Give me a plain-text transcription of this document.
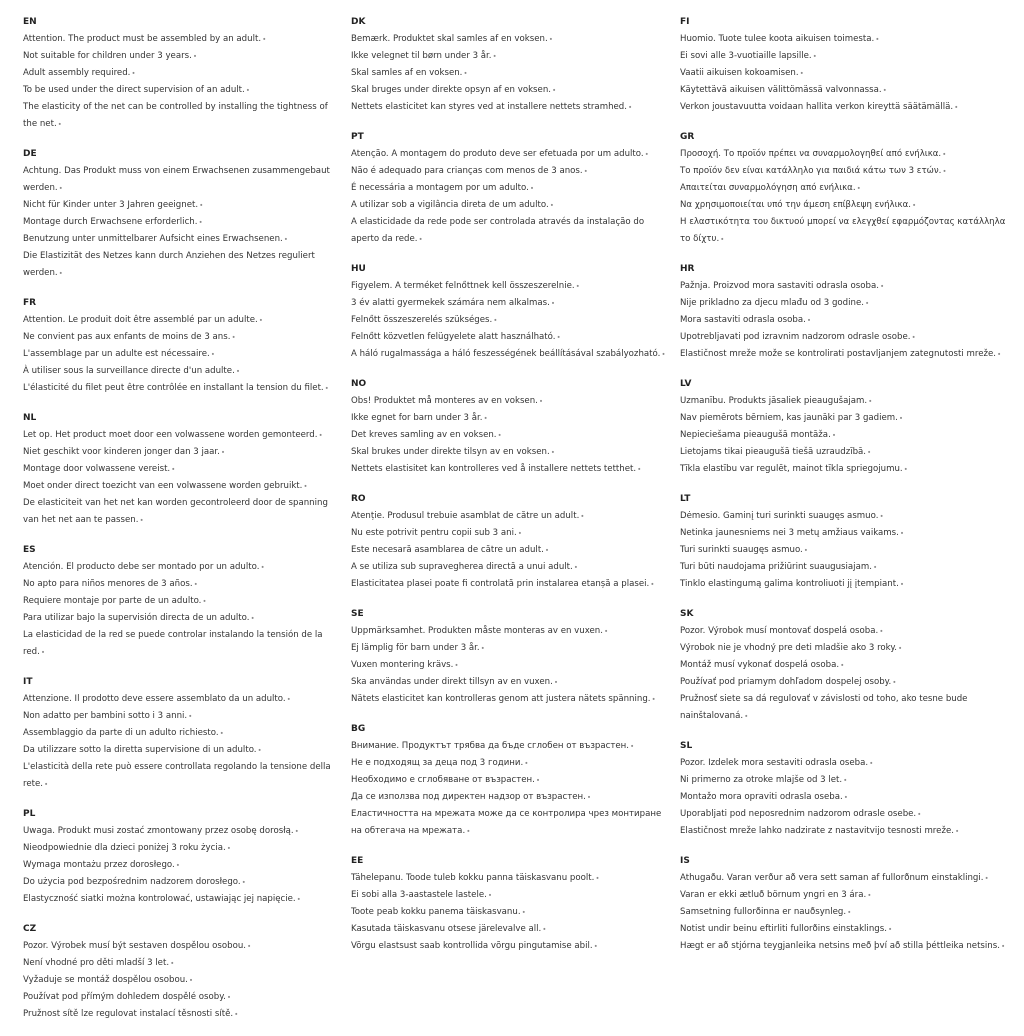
EN
Attention. The product must be assembled by an adult. ∙
Not suitable for children under 3 years. ∙
Adult assembly required. ∙
To be used under the direct supervision of an adult. ∙
The elasticity of the net can be controlled by installing the tightness of the net. ∙
DE
Achtung. Das Produkt muss von einem Erwachsenen zusammengebaut werden. ∙
Nicht für Kinder unter 3 Jahren geeignet. ∙
Montage durch Erwachsene erforderlich. ∙
Benutzung unter unmittelbarer Aufsicht eines Erwachsenen. ∙
Die Elastizität des Netzes kann durch Anziehen des Netzes reguliert werden. ∙
FR
Attention. Le produit doit être assemblé par un adulte. ∙
Ne convient pas aux enfants de moins de 3 ans. ∙
L'assemblage par un adulte est nécessaire. ∙
À utiliser sous la surveillance directe d'un adulte. ∙
L'élasticité du filet peut être contrôlée en installant la tension du filet. ∙
NL
Let op. Het product moet door een volwassene worden gemonteerd. ∙
Niet geschikt voor kinderen jonger dan 3 jaar. ∙
Montage door volwassene vereist. ∙
Moet onder direct toezicht van een volwassene worden gebruikt. ∙
De elasticiteit van het net kan worden gecontroleerd door de spanning van het net aan te passen. ∙
ES
Atención. El producto debe ser montado por un adulto. ∙
No apto para niños menores de 3 años. ∙
Requiere montaje por parte de un adulto. ∙
Para utilizar bajo la supervisión directa de un adulto. ∙
La elasticidad de la red se puede controlar instalando la tensión de la red. ∙
IT
Attenzione. Il prodotto deve essere assemblato da un adulto. ∙
Non adatto per bambini sotto i 3 anni. ∙
Assemblaggio da parte di un adulto richiesto. ∙
Da utilizzare sotto la diretta supervisione di un adulto. ∙
L'elasticità della rete può essere controllata regolando la tensione della rete. ∙
PL
Uwaga. Produkt musi zostać zmontowany przez osobę dorosłą. ∙
Nieodpowiednie dla dzieci poniżej 3 roku życia. ∙
Wymaga montażu przez dorosłego. ∙
Do użycia pod bezpośrednim nadzorem dorosłego. ∙
Elastyczność siatki można kontrolować, ustawiając jej napięcie. ∙
CZ
Pozor. Výrobek musí být sestaven dospělou osobou. ∙
Není vhodné pro děti mladší 3 let. ∙
Vyžaduje se montáž dospělou osobou. ∙
Používat pod přímým dohledem dospělé osoby. ∙
Pružnost sítě lze regulovat instalací těsnosti sítě. ∙
DK
Bemærk. Produktet skal samles af en voksen. ∙
Ikke velegnet til børn under 3 år. ∙
Skal samles af en voksen. ∙
Skal bruges under direkte opsyn af en voksen. ∙
Nettets elasticitet kan styres ved at installere nettets stramhed. ∙
PT
Atenção. A montagem do produto deve ser efetuada por um adulto. ∙
Não é adequado para crianças com menos de 3 anos. ∙
É necessária a montagem por um adulto. ∙
A utilizar sob a vigilância direta de um adulto. ∙
A elasticidade da rede pode ser controlada através da instalação do aperto da rede. ∙
HU
Figyelem. A terméket felnőttnek kell összeszerelnie. ∙
3 év alatti gyermekek számára nem alkalmas. ∙
Felnőtt összeszerelés szükséges. ∙
Felnőtt közvetlen felügyelete alatt használható. ∙
A háló rugalmassága a háló feszességének beállításával szabályozható. ∙
NO
Obs! Produktet må monteres av en voksen. ∙
Ikke egnet for barn under 3 år. ∙
Det kreves samling av en voksen. ∙
Skal brukes under direkte tilsyn av en voksen. ∙
Nettets elastisitet kan kontrolleres ved å installere nettets tetthet. ∙
RO
Atenție. Produsul trebuie asamblat de către un adult. ∙
Nu este potrivit pentru copii sub 3 ani. ∙
Este necesară asamblarea de către un adult. ∙
A se utiliza sub supravegherea directă a unui adult. ∙
Elasticitatea plasei poate fi controlată prin instalarea etanșă a plasei. ∙
SE
Uppmärksamhet. Produkten måste monteras av en vuxen. ∙
Ej lämplig för barn under 3 år. ∙
Vuxen montering krävs. ∙
Ska användas under direkt tillsyn av en vuxen. ∙
Nätets elasticitet kan kontrolleras genom att justera nätets spänning. ∙
BG
Внимание. Продуктът трябва да бъде сглобен от възрастен. ∙
Не е подходящ за деца под 3 години. ∙
Необходимо е сглобяване от възрастен. ∙
Да се използва под директен надзор от възрастен. ∙
Еластичността на мрежата може да се контролира чрез монтиране на обтегача на мрежата. ∙
EE
Tähelepanu. Toode tuleb kokku panna täiskasvanu poolt. ∙
Ei sobi alla 3-aastastele lastele. ∙
Toote peab kokku panema täiskasvanu. ∙
Kasutada täiskasvanu otsese järelevalve all. ∙
Võrgu elastsust saab kontrollida võrgu pingutamise abil. ∙
FI
Huomio. Tuote tulee koota aikuisen toimesta. ∙
Ei sovi alle 3-vuotiaille lapsille. ∙
Vaatii aikuisen kokoamisen. ∙
Käytettävä aikuisen välittömässä valvonnassa. ∙
Verkon joustavuutta voidaan hallita verkon kireyttä säätämällä. ∙
GR
Προσοχή. Το προϊόν πρέπει να συναρμολογηθεί από ενήλικα. ∙
Το προϊόν δεν είναι κατάλληλο για παιδιά κάτω των 3 ετών. ∙
Απαιτείται συναρμολόγηση από ενήλικα. ∙
Να χρησιμοποιείται υπό την άμεση επίβλεψη ενήλικα. ∙
Η ελαστικότητα του δικτυού μπορεί να ελεγχθεί εφαρμόζοντας κατάλληλα το δίχτυ. ∙
HR
Pažnja. Proizvod mora sastaviti odrasla osoba. ∙
Nije prikladno za djecu mlađu od 3 godine. ∙
Mora sastaviti odrasla osoba. ∙
Upotrebljavati pod izravnim nadzorom odrasle osobe. ∙
Elastičnost mreže može se kontrolirati postavljanjem zategnutosti mreže. ∙
LV
Uzmanību. Produkts jāsaliek pieaugušajam. ∙
Nav piemērots bērniem, kas jaunāki par 3 gadiem. ∙
Nepieciešama pieaugušā montāža. ∙
Lietojams tikai pieaugušā tiešā uzraudzībā. ∙
Tīkla elastību var regulēt, mainot tīkla spriegojumu. ∙
LT
Dėmesio. Gaminį turi surinkti suaugęs asmuo. ∙
Netinka jaunesniems nei 3 metų amžiaus vaikams. ∙
Turi surinkti suaugęs asmuo. ∙
Turi būti naudojama prižiūrint suaugusiajam. ∙
Tinklo elastingumą galima kontroliuoti jį įtempiant. ∙
SK
Pozor. Výrobok musí montovať dospelá osoba. ∙
Výrobok nie je vhodný pre deti mladšie ako 3 roky. ∙
Montáž musí vykonať dospelá osoba. ∙
Používať pod priamym dohľadom dospelej osoby. ∙
Pružnosť siete sa dá regulovať v závislosti od toho, ako tesne bude nainštalovaná. ∙
SL
Pozor. Izdelek mora sestaviti odrasla oseba. ∙
Ni primerno za otroke mlajše od 3 let. ∙
Montažo mora opraviti odrasla oseba. ∙
Uporabljati pod neposrednim nadzorom odrasle osebe. ∙
Elastičnost mreže lahko nadzirate z nastavitvijo tesnosti mreže. ∙
IS
Athugaðu. Varan verður að vera sett saman af fullorðnum einstaklingi. ∙
Varan er ekki ætluð börnum yngri en 3 ára. ∙
Samsetning fullorðinna er nauðsynleg. ∙
Notist undir beinu eftirliti fullorðins einstaklings. ∙
Hægt er að stjórna teygjanleika netsins með því að stilla þéttleika netsins. ∙
